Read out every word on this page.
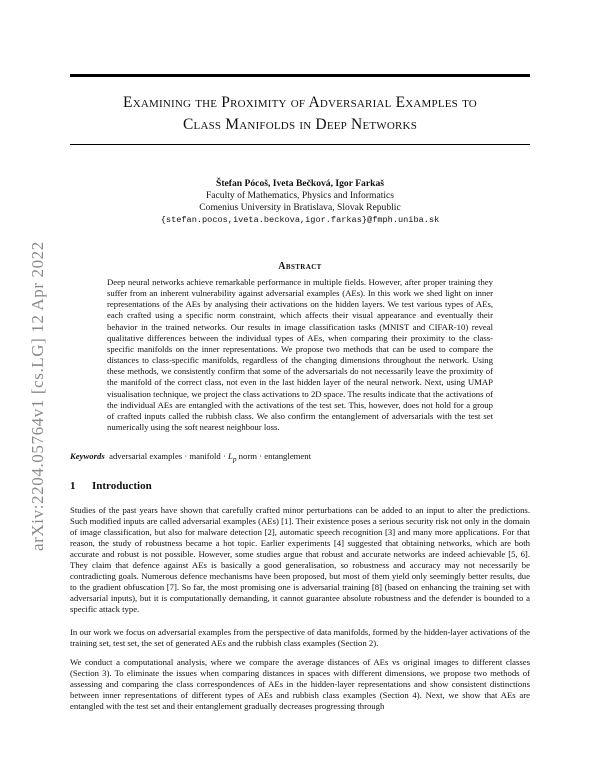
Examining the Proximity of Adversarial Examples to
Class Manifolds in Deep Networks
Štefan Pócoš, Iveta Bečková, Igor Farkaš
Faculty of Mathematics, Physics and Informatics
Comenius University in Bratislava, Slovak Republic
{stefan.pocos,iveta.beckova,igor.farkas}@fmph.uniba.sk
Abstract
Deep neural networks achieve remarkable performance in multiple fields. However, after proper training they suffer from an inherent vulnerability against adversarial examples (AEs). In this work we shed light on inner representations of the AEs by analysing their activations on the hidden layers. We test various types of AEs, each crafted using a specific norm constraint, which affects their visual appearance and eventually their behavior in the trained networks. Our results in image classification tasks (MNIST and CIFAR-10) reveal qualitative differences between the individual types of AEs, when comparing their proximity to the class-specific manifolds on the inner representations. We propose two methods that can be used to compare the distances to class-specific manifolds, regardless of the changing dimensions throughout the network. Using these methods, we consistently confirm that some of the adversarials do not necessarily leave the proximity of the manifold of the correct class, not even in the last hidden layer of the neural network. Next, using UMAP visualisation technique, we project the class activations to 2D space. The results indicate that the activations of the individual AEs are entangled with the activations of the test set. This, however, does not hold for a group of crafted inputs called the rubbish class. We also confirm the entanglement of adversarials with the test set numerically using the soft nearest neighbour loss.
Keywords adversarial examples · manifold · $L_p$ norm · entanglement
1 Introduction
Studies of the past years have shown that carefully crafted minor perturbations can be added to an input to alter the predictions. Such modified inputs are called adversarial examples (AEs) [1]. Their existence poses a serious security risk not only in the domain of image classification, but also for malware detection [2], automatic speech recognition [3] and many more applications. For that reason, the study of robustness became a hot topic. Earlier experiments [4] suggested that obtaining networks, which are both accurate and robust is not possible. However, some studies argue that robust and accurate networks are indeed achievable [5, 6]. They claim that defence against AEs is basically a good generalisation, so robustness and accuracy may not necessarily be contradicting goals. Numerous defence mechanisms have been proposed, but most of them yield only seemingly better results, due to the gradient obfuscation [7]. So far, the most promising one is adversarial training [8] (based on enhancing the training set with adversarial inputs), but it is computationally demanding, it cannot guarantee absolute robustness and the defender is bounded to a specific attack type.
In our work we focus on adversarial examples from the perspective of data manifolds, formed by the hidden-layer activations of the training set, test set, the set of generated AEs and the rubbish class examples (Section 2).
We conduct a computational analysis, where we compare the average distances of AEs vs original images to different classes (Section 3). To eliminate the issues when comparing distances in spaces with different dimensions, we propose two methods of assessing and comparing the class correspondences of AEs in the hidden-layer representations and show consistent distinctions between inner representations of different types of AEs and rubbish class examples (Section 4). Next, we show that AEs are entangled with the test set and their entanglement gradually decreases progressing through
arXiv:2204.05764v1 [cs.LG] 12 Apr 2022
